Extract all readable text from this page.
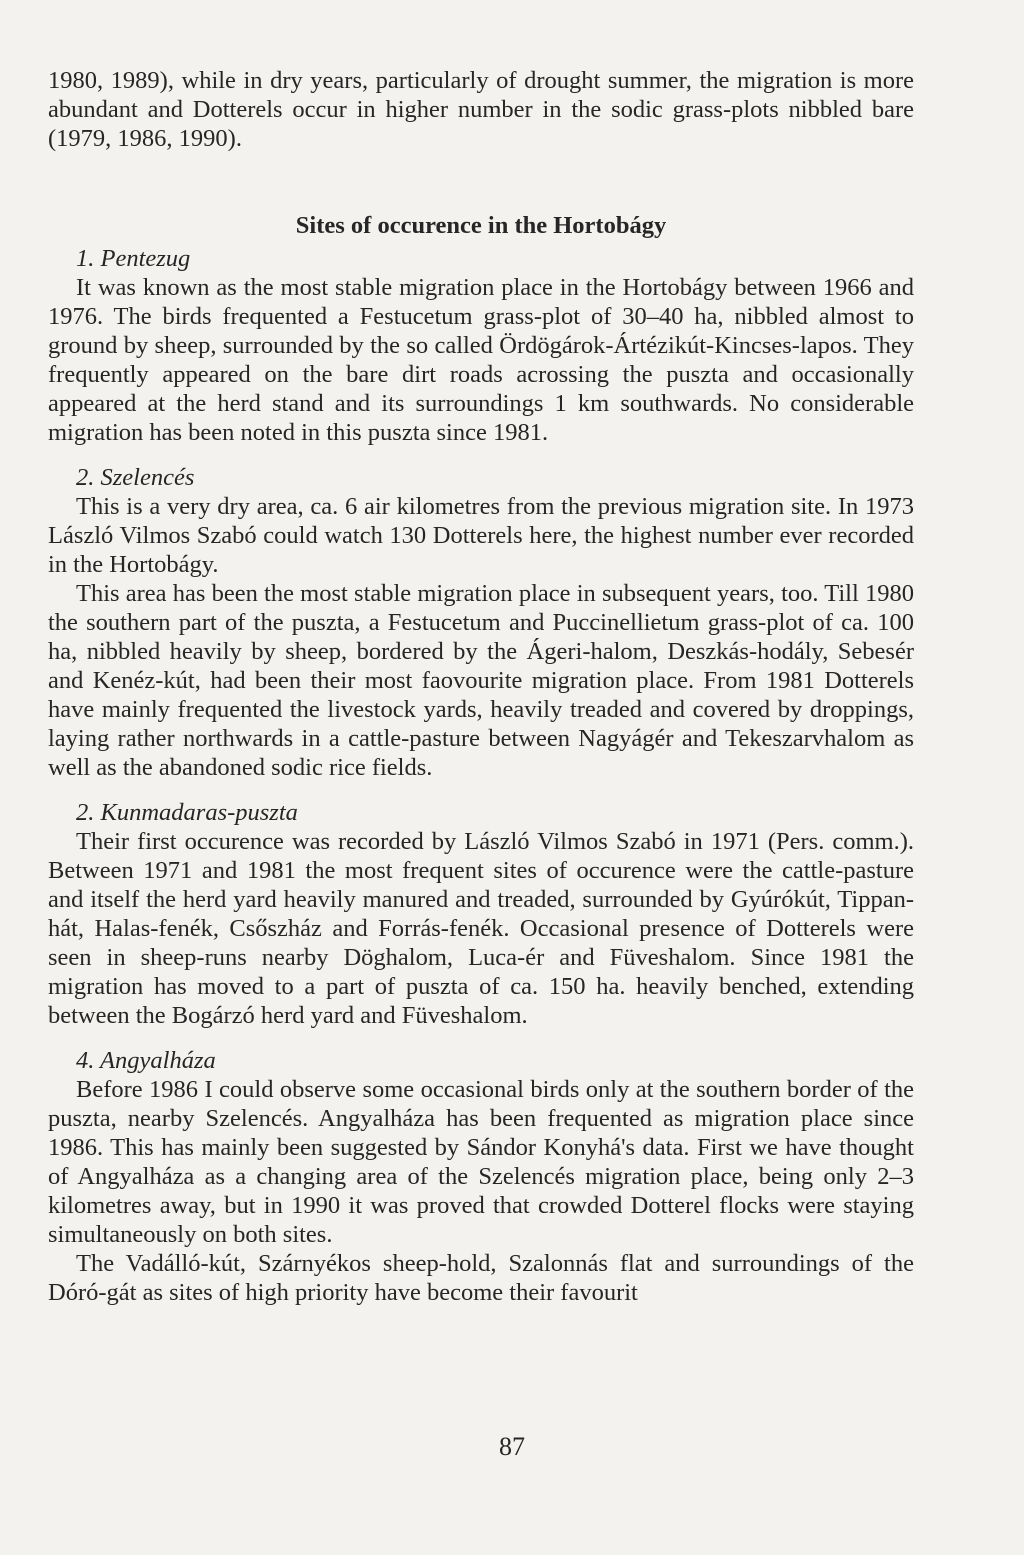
1980, 1989), while in dry years, particularly of drought summer, the migration is more abundant and Dotterels occur in higher number in the sodic grass-plots nibbled bare (1979, 1986, 1990).

Sites of occurence in the Hortobágy

1. Pentezug

It was known as the most stable migration place in the Hortobágy between 1966 and 1976. The birds frequented a Festucetum grass-plot of 30–40 ha, nibbled almost to ground by sheep, surrounded by the so called Ördögárok-Ártézikút-Kincses-lapos. They frequently appeared on the bare dirt roads acrossing the puszta and occasionally appeared at the herd stand and its surroundings 1 km southwards. No considerable migration has been noted in this puszta since 1981.

2. Szelencés

This is a very dry area, ca. 6 air kilometres from the previous migration site. In 1973 László Vilmos Szabó could watch 130 Dotterels here, the highest number ever recorded in the Hortobágy.

This area has been the most stable migration place in subsequent years, too. Till 1980 the southern part of the puszta, a Festucetum and Puccinellietum grass-plot of ca. 100 ha, nibbled heavily by sheep, bordered by the Ágeri-halom, Deszkás-hodály, Sebesér and Kenéz-kút, had been their most faovourite migration place. From 1981 Dotterels have mainly frequented the livestock yards, heavily treaded and covered by droppings, laying rather northwards in a cattle-pasture between Nagyágér and Tekeszarvhalom as well as the abandoned sodic rice fields.

2. Kunmadaras-puszta

Their first occurence was recorded by László Vilmos Szabó in 1971 (Pers. comm.). Between 1971 and 1981 the most frequent sites of occurence were the cattle-pasture and itself the herd yard heavily manured and treaded, surrounded by Gyúrókút, Tippan-hát, Halas-fenék, Csőszház and Forrás-fenék. Occasional presence of Dotterels were seen in sheep-runs nearby Döghalom, Luca-ér and Füveshalom. Since 1981 the migration has moved to a part of puszta of ca. 150 ha. heavily benched, extending between the Bogárzó herd yard and Füveshalom.

4. Angyalháza

Before 1986 I could observe some occasional birds only at the southern border of the puszta, nearby Szelencés. Angyalháza has been frequented as migration place since 1986. This has mainly been suggested by Sándor Konyhá's data. First we have thought of Angyalháza as a changing area of the Szelencés migration place, being only 2–3 kilometres away, but in 1990 it was proved that crowded Dotterel flocks were staying simultaneously on both sites.

The Vadálló-kút, Szárnyékos sheep-hold, Szalonnás flat and surroundings of the Dóró-gát as sites of high priority have become their favourit

87
